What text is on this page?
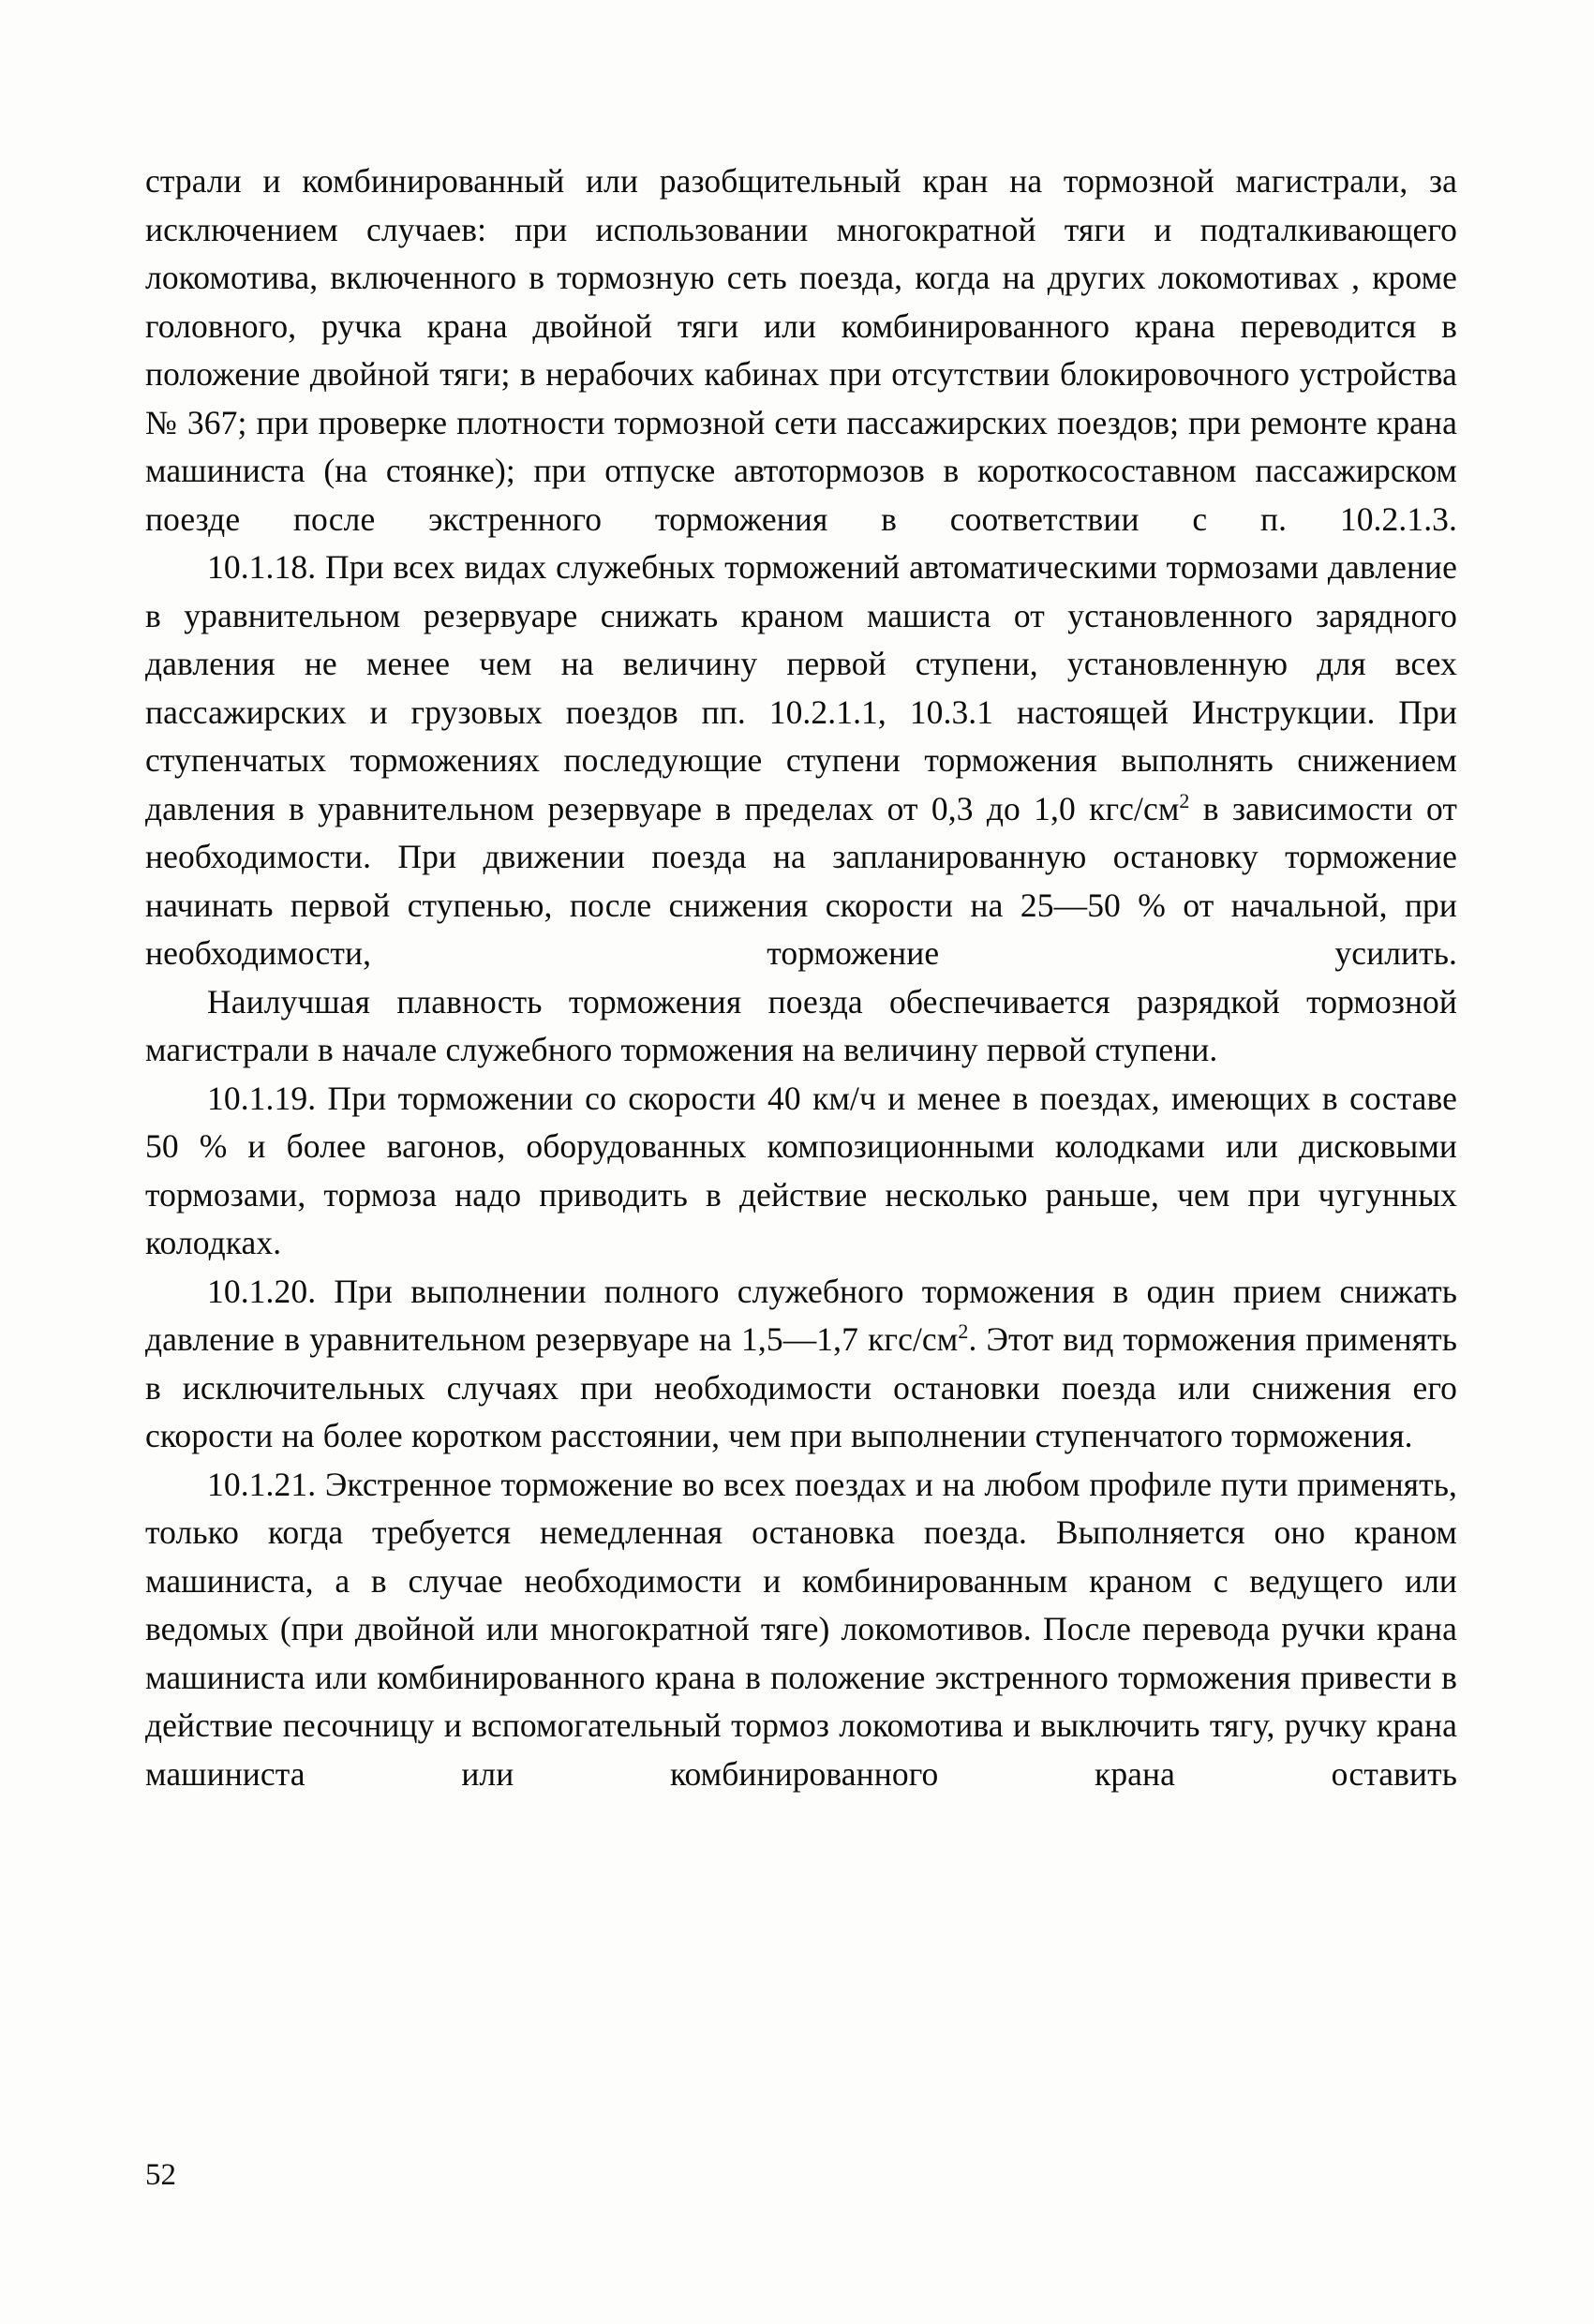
страли и комбинированный или разобщительный кран на тормозной магистрали, за исключением случаев: при использовании многократной тяги и подталкивающего локомотива, включенного в тормозную сеть поезда, когда на других локомотивах , кроме головного, ручка крана двойной тяги или комбинированного крана переводится в положение двойной тяги; в нерабочих кабинах при отсутствии блокировочного устройства № 367; при проверке плотности тормозной сети пассажирских поездов; при ремонте крана машиниста (на стоянке); при отпуске автотормозов в короткосоставном пассажирском поезде после экстренного торможения в соответствии с п. 10.2.1.3.

10.1.18. При всех видах служебных торможений автоматическими тормозами давление в уравнительном резервуаре снижать краном машиста от установленного зарядного давления не менее чем на величину первой ступени, установленную для всех пассажирских и грузовых поездов пп. 10.2.1.1, 10.3.1 настоящей Инструкции. При ступенчатых торможениях последующие ступени торможения выполнять снижением давления в уравнительном резервуаре в пределах от 0,3 до 1,0 кгс/$см^2$ в зависимости от необходимости. При движении поезда на запланированную остановку торможение начинать первой ступенью, после снижения скорости на 25—50 % от начальной, при необходимости, торможение усилить.

Наилучшая плавность торможения поезда обеспечивается разрядкой тормозной магистрали в начале служебного торможения на величину первой ступени.

10.1.19. При торможении со скорости 40 км/ч и менее в поездах, имеющих в составе 50 % и более вагонов, оборудованных композиционными колодками или дисковыми тормозами, тормоза надо приводить в действие несколько раньше, чем при чугунных колодках.

10.1.20. При выполнении полного служебного торможения в один прием снижать давление в уравнительном резервуаре на 1,5—1,7 кгс/$см^2$. Этот вид торможения применять в исключительных случаях при необходимости остановки поезда или снижения его скорости на более коротком расстоянии, чем при выполнении ступенчатого торможения.

10.1.21. Экстренное торможение во всех поездах и на любом профиле пути применять, только когда требуется немедленная остановка поезда. Выполняется оно краном машиниста, а в случае необходимости и комбинированным краном с ведущего или ведомых (при двойной или многократной тяге) локомотивов. После перевода ручки крана машиниста или комбинированного крана в положение экстренного торможения привести в действие песочницу и вспомогательный тормоз локомотива и выключить тягу, ручку крана машиниста или комбинированного крана оставить

52
